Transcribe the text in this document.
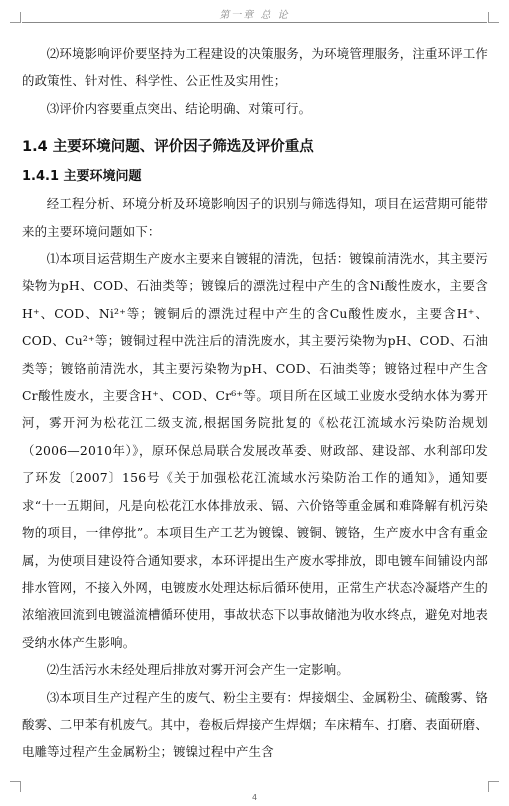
第一章 总 论

⑵环境影响评价要坚持为工程建设的决策服务，为环境管理服务，注重环评工作的政策性、针对性、科学性、公正性及实用性；

⑶评价内容要重点突出、结论明确、对策可行。

1.4 主要环境问题、评价因子筛选及评价重点
1.4.1 主要环境问题

经工程分析、环境分析及环境影响因子的识别与筛选得知，项目在运营期可能带来的主要环境问题如下：

⑴本项目运营期生产废水主要来自镀辊的清洗，包括：镀镍前清洗水，其主要污染物为pH、COD、石油类等；镀镍后的漂洗过程中产生的含Ni酸性废水，主要含H⁺、COD、Ni²⁺等；镀铜后的漂洗过程中产生的含Cu酸性废水，主要含H⁺、COD、Cu²⁺等；镀铜过程中洗注后的清洗废水，其主要污染物为pH、COD、石油类等；镀铬前清洗水，其主要污染物为pH、COD、石油类等；镀铬过程中产生含Cr酸性废水，主要含H⁺、COD、Cr⁶⁺等。项目所在区域工业废水受纳水体为雾开河，雾开河为松花江二级支流,根据国务院批复的《松花江流域水污染防治规划（2006—2010年）》，原环保总局联合发展改革委、财政部、建设部、水利部印发了环发〔2007〕156号《关于加强松花江流域水污染防治工作的通知》，通知要求“十一五期间，凡是向松花江水体排放汞、镉、六价铬等重金属和难降解有机污染物的项目，一律停批”。本项目生产工艺为镀镍、镀铜、镀铬，生产废水中含有重金属，为使项目建设符合通知要求，本环评提出生产废水零排放，即电镀车间铺设内部排水管网，不接入外网，电镀废水处理达标后循环使用，正常生产状态冷凝塔产生的浓缩液回流到电镀溢流槽循环使用，事故状态下以事故储池为收水终点，避免对地表受纳水体产生影响。

⑵生活污水未经处理后排放对雾开河会产生一定影响。

⑶本项目生产过程产生的废气、粉尘主要有：焊接烟尘、金属粉尘、硫酸雾、铬酸雾、二甲苯有机废气。其中，卷板后焊接产生焊烟；车床精车、打磨、表面研磨、电雕等过程产生金属粉尘；镀镍过程中产生含

4
